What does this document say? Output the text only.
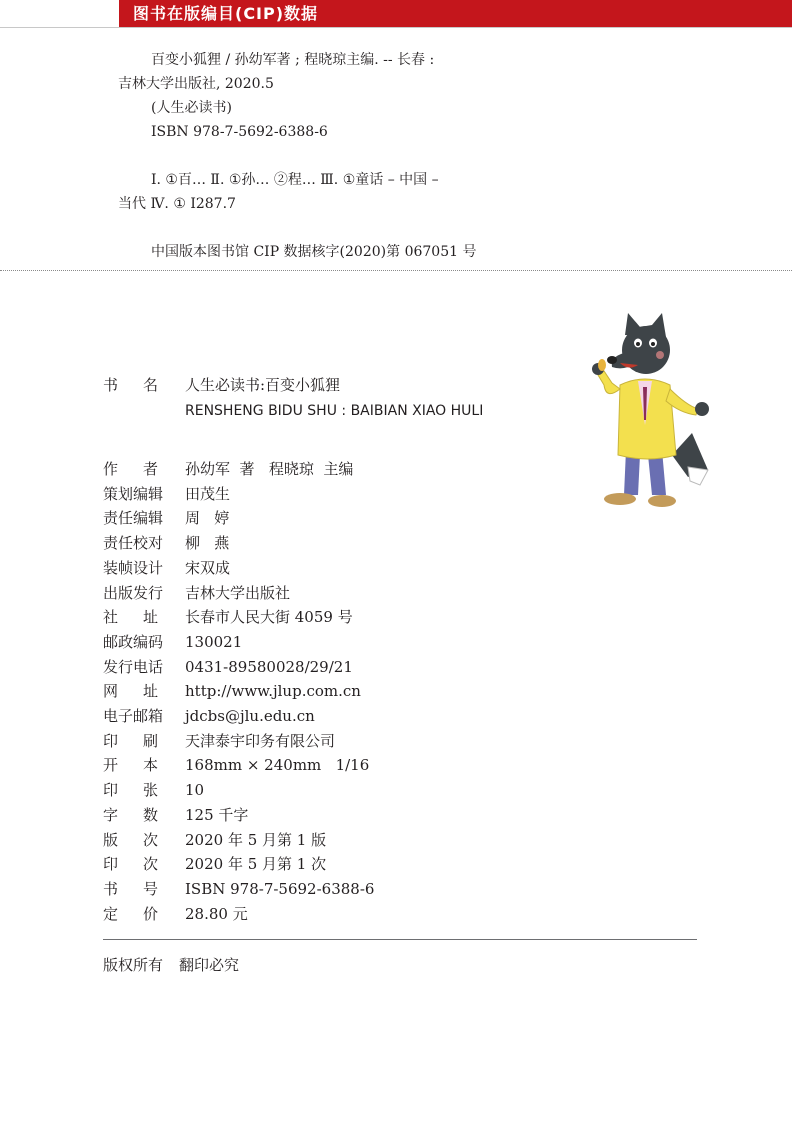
图书在版编目(CIP)数据
百变小狐狸 / 孙幼军著 ; 程晓琼主编. -- 长春 :
吉林大学出版社, 2020.5
(人生必读书)
ISBN 978-7-5692-6388-6
Ⅰ. ①百… Ⅱ. ①孙… ②程… Ⅲ. ①童话 – 中国 –
当代 Ⅳ. ① I287.7
中国版本图书馆 CIP 数据核字(2020)第 067051 号
书名 人生必读书:百变小狐狸
RENSHENG BIDU SHU : BAIBIAN XIAO HULI
作者 孙幼军  著   程晓琼  主编
策划编辑	田茂生
责任编辑	周   婷
责任校对	柳   燕
装帧设计	宋双成
出版发行	吉林大学出版社
社址 长春市人民大街 4059 号
邮政编码	130021
发行电话	0431-89580028/29/21
网址 http://www.jlup.com.cn
电子邮箱	jdcbs@jlu.edu.cn
印刷 天津泰宇印务有限公司
开本 168mm × 240mm   1/16
印张 10
字数 125 千字
版次 2020 年 5 月第 1 版
印次 2020 年 5 月第 1 次
书号 ISBN 978-7-5692-6388-6
定价 28.80 元
版权所有 翻印必究
